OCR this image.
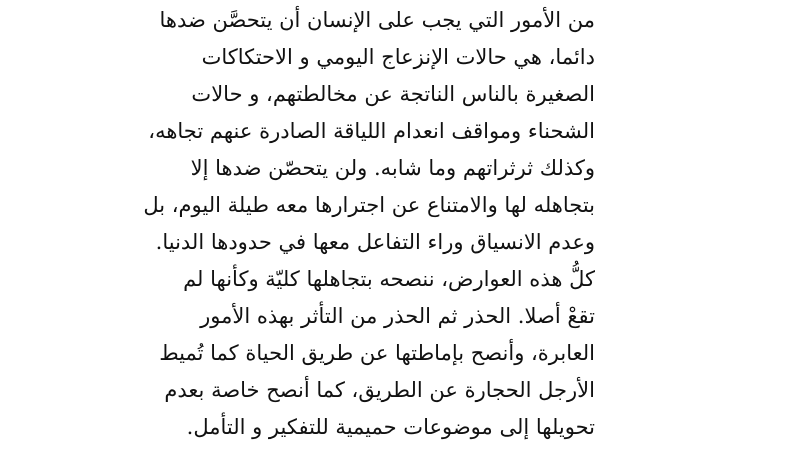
من الأمور التي يجب على الإنسان أن يتحصَّن ضدها
دائما، هي حالات الإنزعاج اليومي و الاحتكاكات
الصغيرة بالناس الناتجة عن مخالطتهم، و حالات
الشحناء ومواقف انعدام اللياقة الصادرة عنهم تجاهه،
وكذلك ثرثراتهم وما شابه. ولن يتحصّن ضدها إلا
بتجاهله لها والامتناع عن اجترارها معه طيلة اليوم، بل
وعدم الانسياق وراء التفاعل معها في حدودها الدنيا.
كلُّ هذه العوارض، ننصحه بتجاهلها كليّة وكأنها لم
تقعْ أصلا. الحذر ثم الحذر من التأثر بهذه الأمور
العابرة، وأنصح بإماطتها عن طريق الحياة كما تُميط
الأرجل الحجارة عن الطريق، كما أنصح خاصة بعدم
تحويلها إلى موضوعات حميمية للتفكير و التأمل.
